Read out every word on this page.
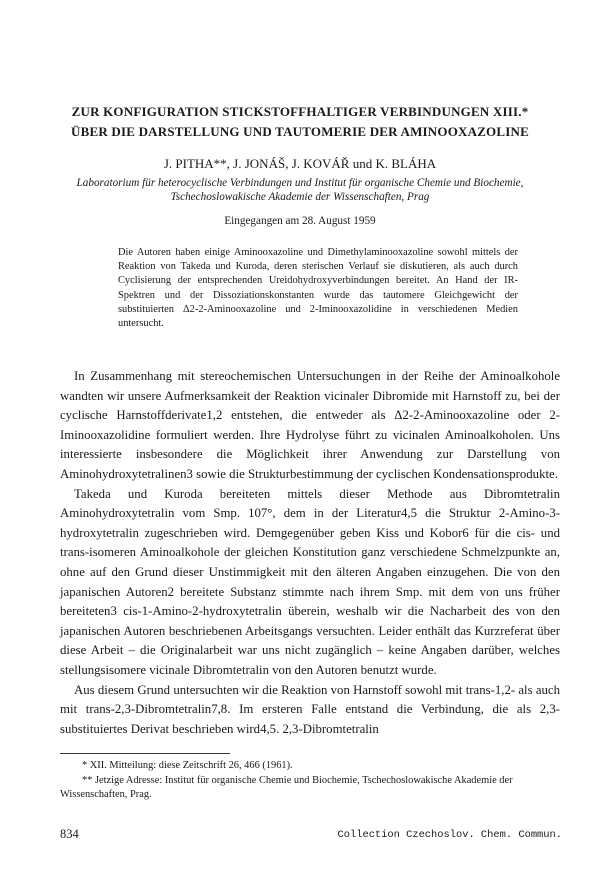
ZUR KONFIGURATION STICKSTOFFHALTIGER VERBINDUNGEN XIII.*
ÜBER DIE DARSTELLUNG UND TAUTOMERIE DER AMINOOXAZOLINE
J. PITHA**, J. JONÁŠ, J. KOVÁŘ und K. BLÁHA
Laboratorium für heterocyclische Verbindungen und Institut für organische Chemie und Biochemie,
Tschechoslowakische Akademie der Wissenschaften, Prag
Eingegangen am 28. August 1959
Die Autoren haben einige Aminooxazoline und Dimethylaminooxazoline sowohl mittels der Reaktion von Takeda und Kuroda, deren sterischen Verlauf sie diskutieren, als auch durch Cyclisierung der entsprechenden Ureidohydroxyverbindungen bereitet. An Hand der IR-Spektren und der Dissoziationskonstanten wurde das tautomere Gleichgewicht der substituierten Δ2-2-Aminooxazoline und 2-Iminooxazolidine in verschiedenen Medien untersucht.

In Zusammenhang mit stereochemischen Untersuchungen in der Reihe der Aminoalkohole wandten wir unsere Aufmerksamkeit der Reaktion vicinaler Dibromide mit Harnstoff zu, bei der cyclische Harnstoffderivate1,2 entstehen, die entweder als Δ2-2-Aminooxazoline oder 2-Iminooxazolidine formuliert werden. Ihre Hydrolyse führt zu vicinalen Aminoalkoholen. Uns interessierte insbesondere die Möglichkeit ihrer Anwendung zur Darstellung von Aminohydroxytetralinen3 sowie die Strukturbestimmung der cyclischen Kondensationsprodukte.

Takeda und Kuroda bereiteten mittels dieser Methode aus Dibromtetralin Aminohydroxytetralin vom Smp. 107°, dem in der Literatur4,5 die Struktur 2-Amino-3-hydroxytetralin zugeschrieben wird. Demgegenüber geben Kiss und Kobor6 für die cis- und trans-isomeren Aminoalkohole der gleichen Konstitution ganz verschiedene Schmelzpunkte an, ohne auf den Grund dieser Unstimmigkeit mit den älteren Angaben einzugehen. Die von den japanischen Autoren2 bereitete Substanz stimmte nach ihrem Smp. mit dem von uns früher bereiteten3 cis-1-Amino-2-hydroxytetralin überein, weshalb wir die Nacharbeit des von den japanischen Autoren beschriebenen Arbeitsgangs versuchten. Leider enthält das Kurzreferat über diese Arbeit – die Originalarbeit war uns nicht zugänglich – keine Angaben darüber, welches stellungsisomere vicinale Dibromtetralin von den Autoren benutzt wurde.

Aus diesem Grund untersuchten wir die Reaktion von Harnstoff sowohl mit trans-1,2- als auch mit trans-2,3-Dibromtetralin7,8. Im ersteren Falle entstand die Verbindung, die als 2,3-substituiertes Derivat beschrieben wird4,5. 2,3-Dibromtetralin

* XII. Mitteilung: diese Zeitschrift 26, 466 (1961).

** Jetzige Adresse: Institut für organische Chemie und Biochemie, Tschechoslowakische Akademie der Wissenschaften, Prag.

834	Collection Czechoslov. Chem. Commun.
